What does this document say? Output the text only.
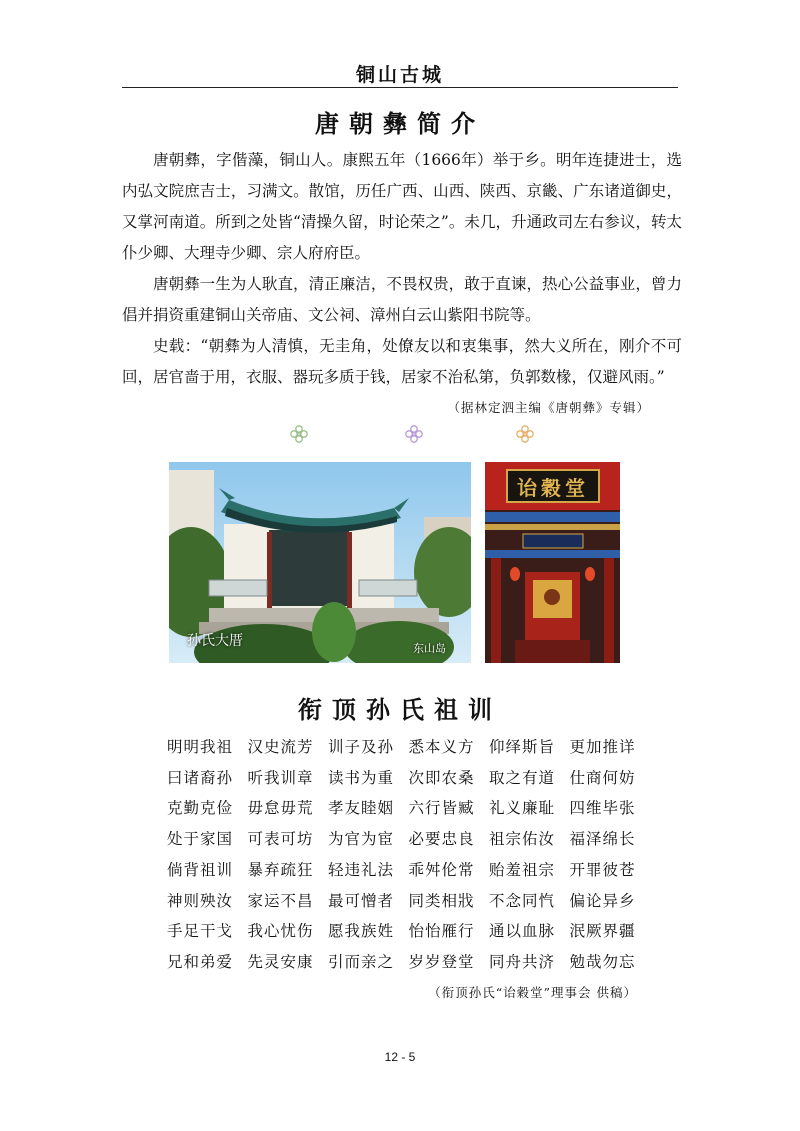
铜山古城
唐朝彝简介

唐朝彝，字偕藻，铜山人。康熙五年（1666年）举于乡。明年连捷进士，选内弘文院庶吉士，习满文。散馆，历任广西、山西、陕西、京畿、广东诸道御史，又掌河南道。所到之处皆“清操久留，时论荣之”。未几，升通政司左右参议，转太仆少卿、大理寺少卿、宗人府府臣。

唐朝彝一生为人耿直，清正廉洁，不畏权贵，敢于直谏，热心公益事业，曾力倡并捐资重建铜山关帝庙、文公祠、漳州白云山紫阳书院等。

史载：“朝彝为人清慎，无圭角，处僚友以和衷集事，然大义所在，刚介不可回，居官啬于用，衣服、器玩多质于钱，居家不治私第，负郭数椽，仅避风雨。”

（据林定泗主编《唐朝彝》专辑）
孙氏大厝	东山岛
诒穀堂
衔顶孙氏祖训
明明我祖 汉史流芳 训子及孙 悉本义方 仰绎斯旨 更加推详
曰诸裔孙 听我训章 读书为重 次即农桑 取之有道 仕商何妨
克勤克俭 毋怠毋荒 孝友睦姻 六行皆臧 礼义廉耻 四维毕张
处于家国 可表可坊 为官为宦 必要忠良 祖宗佑汝 福泽绵长
倘背祖训 暴弃疏狂 轻违礼法 乖舛伦常 贻羞祖宗 开罪彼苍
神则殃汝 家运不昌 最可憎者 同类相戕 不念同忾 偏论异乡
手足干戈 我心忧伤 愿我族姓 怡怡雁行 通以血脉 泯厥界疆
兄和弟爱 先灵安康 引而亲之 岁岁登堂 同舟共济 勉哉勿忘
（衔顶孙氏“诒穀堂”理事会 供稿）
12 - 5
